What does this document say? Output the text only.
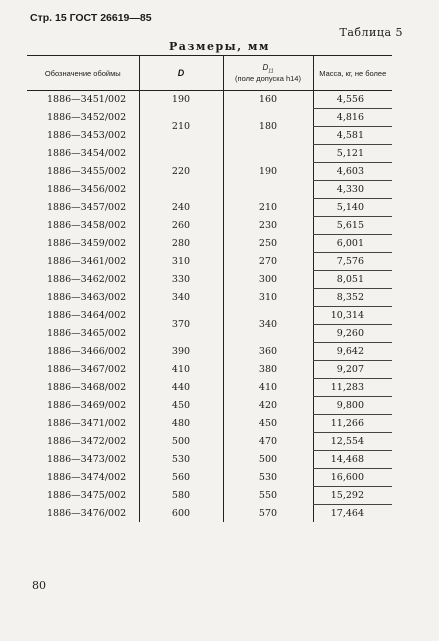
Стр. 15 ГОСТ 26619—85
Таблица 5
Размеры, мм
Обозначение обоймы	D	$D_{11}$
(поле допуска h14)	Масса, кг, не более
1886—3451/002	190	160	4,556
1886—3452/002	210	180	4,816
1886—3453/002			4,581
1886—3454/002	220	190	5,121
1886—3455/002			4,603
1886—3456/002			4,330
1886—3457/002	240	210	5,140
1886—3458/002	260	230	5,615
1886—3459/002	280	250	6,001
1886—3461/002	310	270	7,576
1886—3462/002	330	300	8,051
1886—3463/002	340	310	8,352
1886—3464/002	370	340	10,314
1886—3465/002			9,260
1886—3466/002	390	360	9,642
1886—3467/002	410	380	9,207
1886—3468/002	440	410	11,283
1886—3469/002	450	420	9,800
1886—3471/002	480	450	11,266
1886—3472/002	500	470	12,554
1886—3473/002	530	500	14,468
1886—3474/002	560	530	16,600
1886—3475/002	580	550	15,292
1886—3476/002	600	570	17,464
80
